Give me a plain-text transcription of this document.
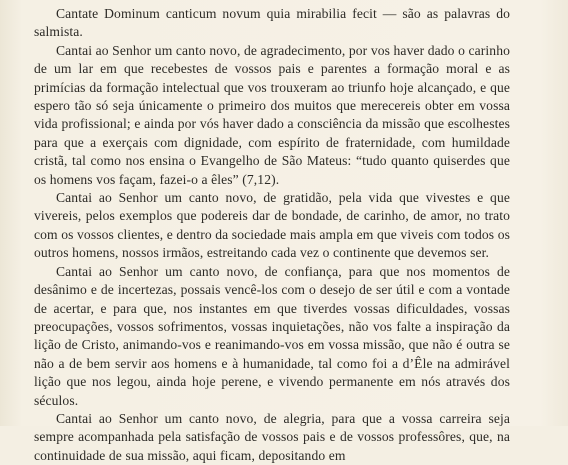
Cantate Dominum canticum novum quia mirabilia fecit — são as palavras do salmista.

Cantai ao Senhor um canto novo, de agradecimento, por vos haver dado o carinho de um lar em que recebestes de vossos pais e parentes a formação moral e as primícias da formação intelectual que vos trouxeram ao triunfo hoje alcançado, e que espero tão só seja únicamente o primeiro dos muitos que merecereis obter em vossa vida profissional; e ainda por vós haver dado a consciência da missão que escolhestes para que a exerçais com dignidade, com espírito de fraternidade, com humildade cristã, tal como nos ensina o Evangelho de São Mateus: “tudo quanto quiserdes que os homens vos façam, fazei-o a êles” (7,12).

Cantai ao Senhor um canto novo, de gratidão, pela vida que vivestes e que vivereis, pelos exemplos que podereis dar de bondade, de carinho, de amor, no trato com os vossos clientes, e dentro da sociedade mais ampla em que viveis com todos os outros homens, nossos irmãos, estreitando cada vez o continente que devemos ser.

Cantai ao Senhor um canto novo, de confiança, para que nos momentos de desânimo e de incertezas, possais vencê-los com o desejo de ser útil e com a vontade de acertar, e para que, nos instantes em que tiverdes vossas dificuldades, vossas preocupações, vossos sofrimentos, vossas inquietações, não vos falte a inspiração da lição de Cristo, animando-vos e reanimando-vos em vossa missão, que não é outra se não a de bem servir aos homens e à humanidade, tal como foi a d’Êle na admirável lição que nos legou, ainda hoje perene, e vivendo permanente em nós através dos séculos.

Cantai ao Senhor um canto novo, de alegria, para que a vossa carreira seja sempre acompanhada pela satisfação de vossos pais e de vossos professôres, que, na continuidade de sua missão, aqui ficam, depositando em
